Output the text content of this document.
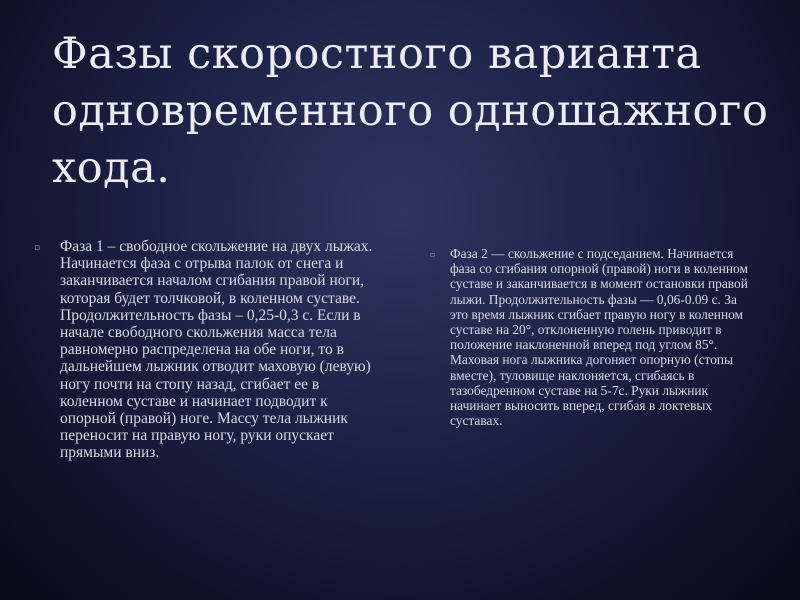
Фазы скоростного варианта одновременного одношажного хода.
▫	Фаза 1 – свободное скольжение на двух лыжах. Начинается фаза с отрыва палок от снега и заканчивается началом сгибания правой ноги, которая будет толчковой, в коленном суставе. Продолжительность фазы – 0,25-0,3 с. Если в начале свободного скольжения масса тела равномерно распределена на обе ноги, то в дальнейшем лыжник отводит маховую (левую) ногу почти на стопу назад, сгибает ее в коленном суставе и начинает подводит к опорной (правой) ноге. Массу тела лыжник переносит на правую ногу, руки опускает прямыми вниз.
▫	Фаза 2 — скольжение с подседанием. Начинается фаза со сгибания опорной (правой) ноги в коленном суставе и заканчивается в момент остановки правой лыжи. Продолжительность фазы — 0,06-0.09 с. За это время лыжник сгибает правую ногу в коленном суставе на 20°, отклоненную голень приводит в положение наклоненной вперед под углом 85°. Маховая нога лыжника догоняет опорную (стопы вместе), туловище наклоняется, сгибаясь в тазобедренном суставе на 5-7с. Руки лыжник начинает выносить вперед, сгибая в локтевых суставах.
